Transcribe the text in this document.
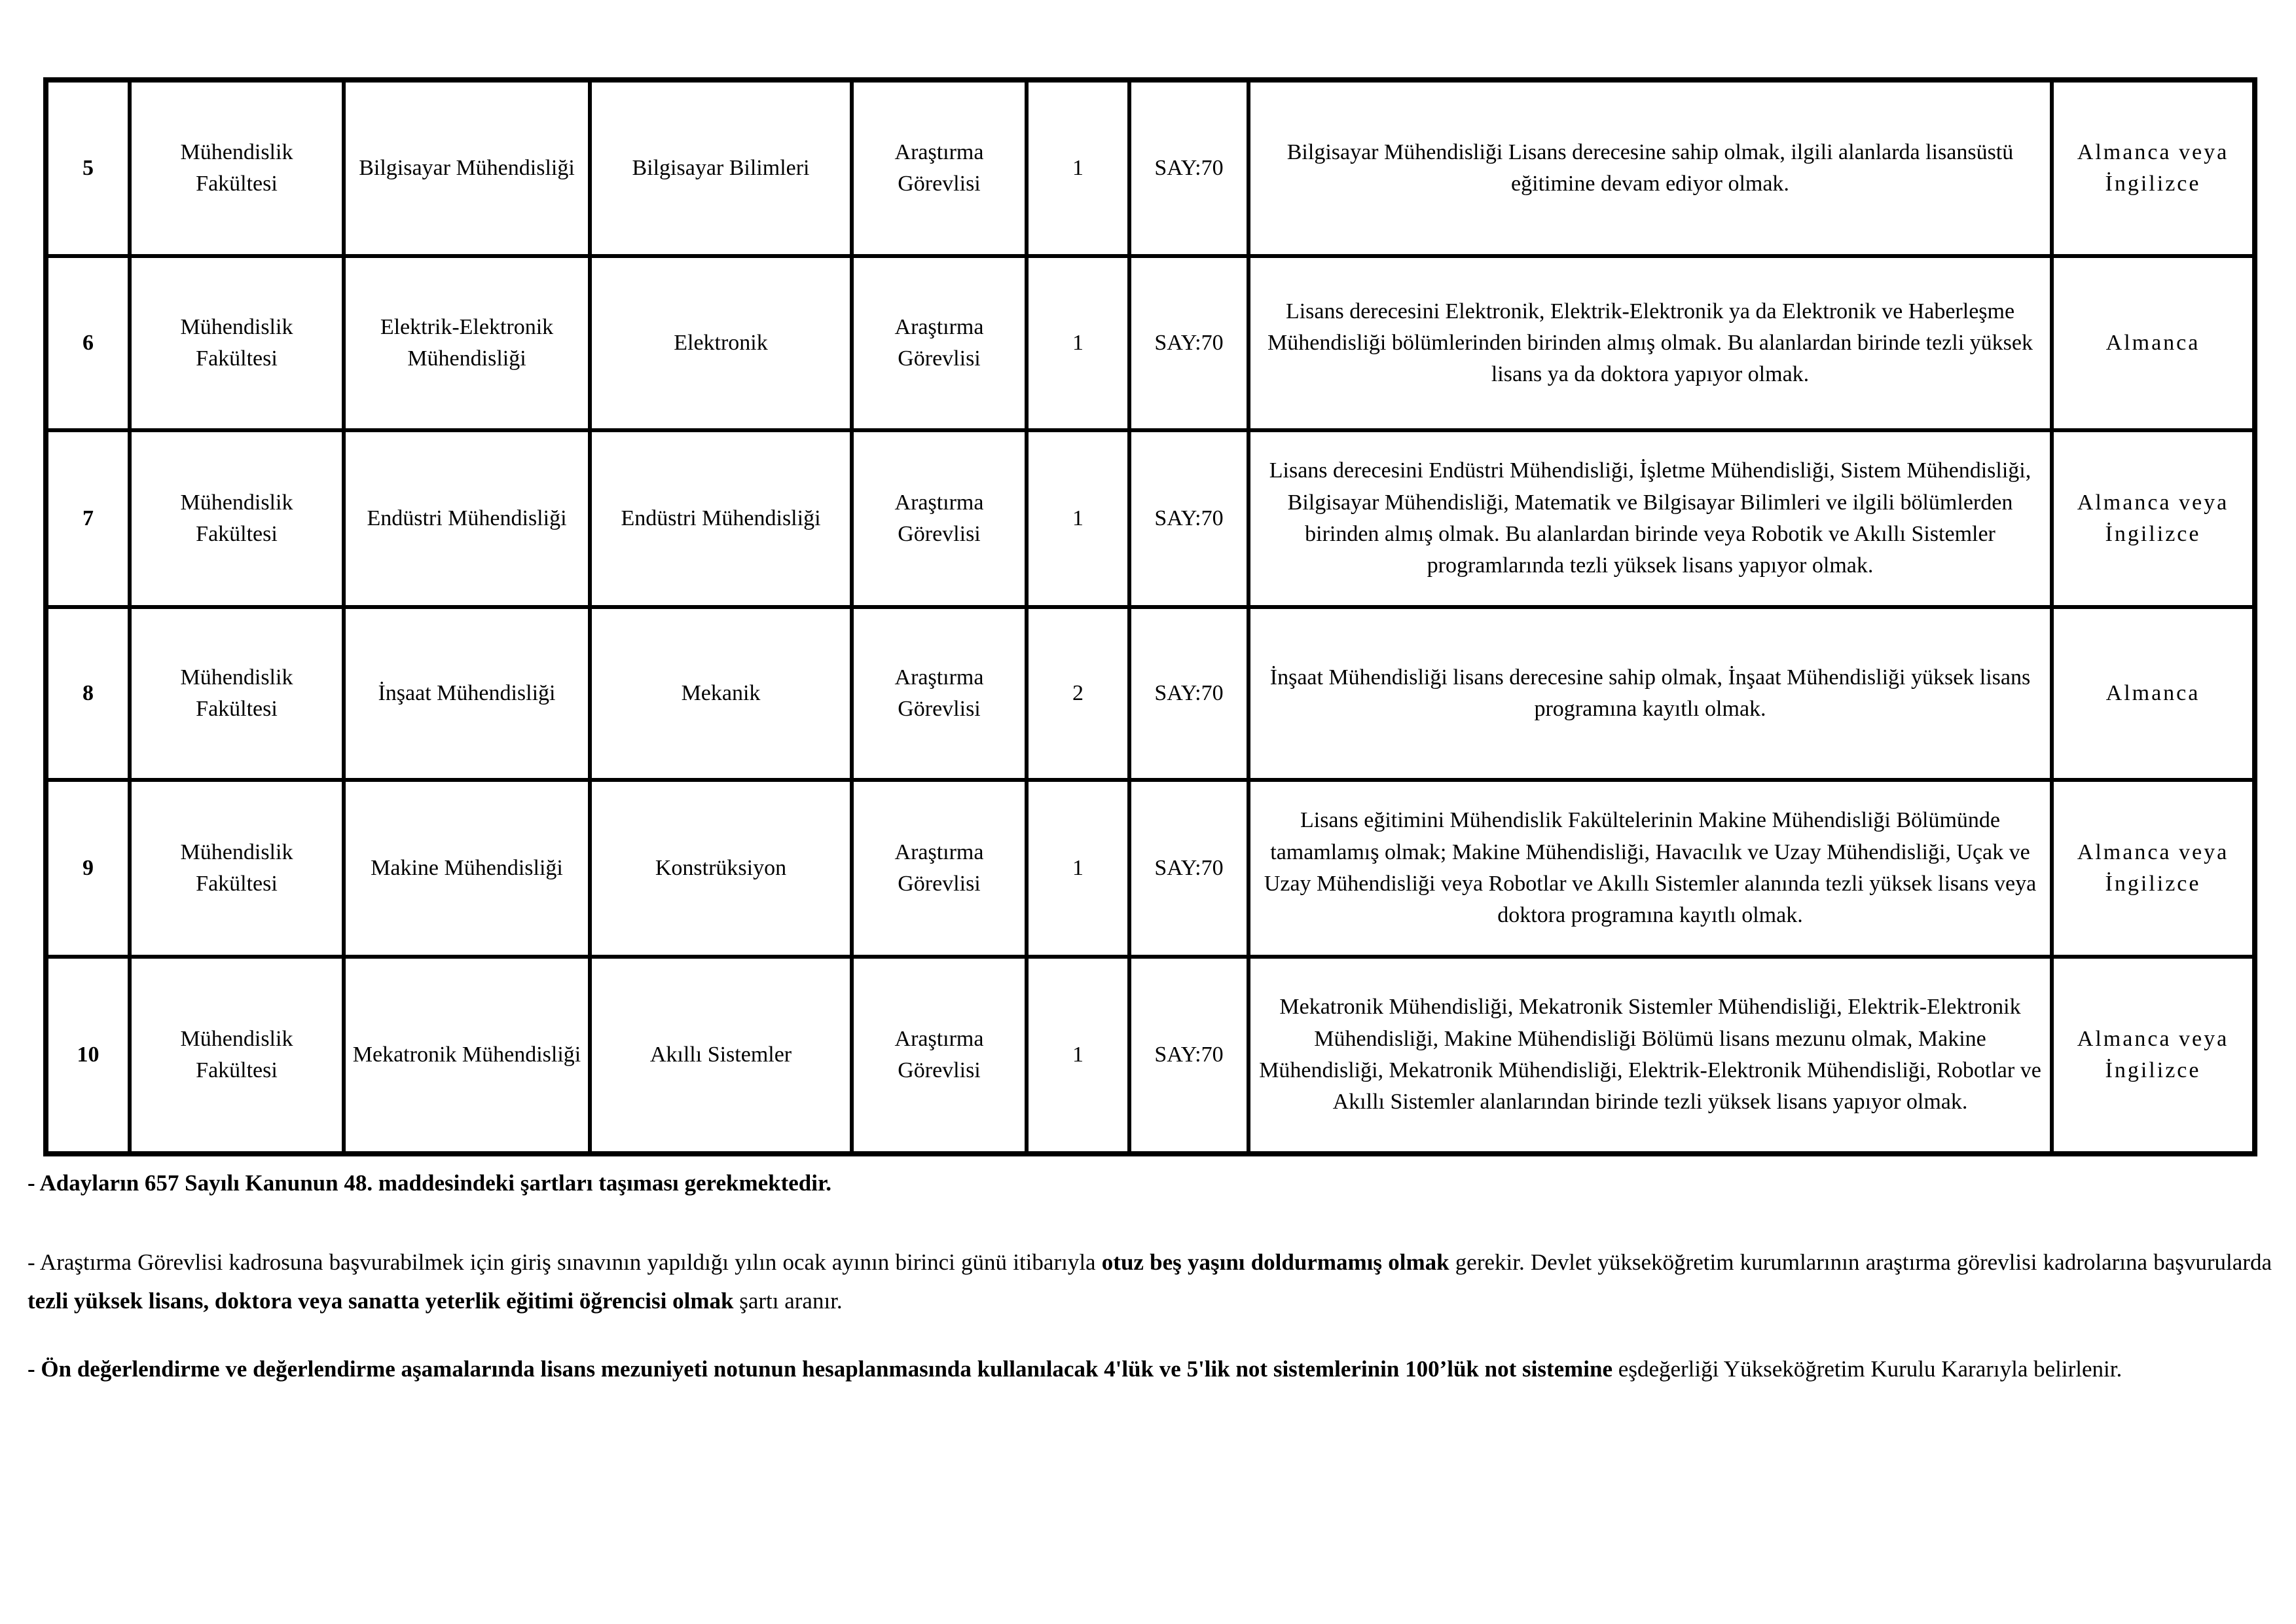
5	Mühendislik Fakültesi	Bilgisayar Mühendisliği	Bilgisayar Bilimleri	Araştırma Görevlisi	1	SAY:70	Bilgisayar Mühendisliği Lisans derecesine sahip olmak, ilgili alanlarda lisansüstü eğitimine devam ediyor olmak.	Almanca veya İngilizce
6	Mühendislik Fakültesi	Elektrik-Elektronik Mühendisliği	Elektronik	Araştırma Görevlisi	1	SAY:70	Lisans derecesini Elektronik, Elektrik-Elektronik ya da Elektronik ve Haberleşme Mühendisliği bölümlerinden birinden almış olmak. Bu alanlardan birinde tezli yüksek lisans ya da doktora yapıyor olmak.	Almanca
7	Mühendislik Fakültesi	Endüstri Mühendisliği	Endüstri Mühendisliği	Araştırma Görevlisi	1	SAY:70	Lisans derecesini Endüstri Mühendisliği, İşletme Mühendisliği, Sistem Mühendisliği, Bilgisayar Mühendisliği, Matematik ve Bilgisayar Bilimleri ve ilgili bölümlerden birinden almış olmak. Bu alanlardan birinde veya Robotik ve Akıllı Sistemler programlarında tezli yüksek lisans yapıyor olmak.	Almanca veya İngilizce
8	Mühendislik Fakültesi	İnşaat Mühendisliği	Mekanik	Araştırma Görevlisi	2	SAY:70	İnşaat Mühendisliği lisans derecesine sahip olmak, İnşaat Mühendisliği yüksek lisans programına kayıtlı olmak.	Almanca
9	Mühendislik Fakültesi	Makine Mühendisliği	Konstrüksiyon	Araştırma Görevlisi	1	SAY:70	Lisans eğitimini Mühendislik Fakültelerinin Makine Mühendisliği Bölümünde tamamlamış olmak; Makine Mühendisliği, Havacılık ve Uzay Mühendisliği, Uçak ve Uzay Mühendisliği veya Robotlar ve Akıllı Sistemler alanında tezli yüksek lisans veya doktora programına kayıtlı olmak.	Almanca veya İngilizce
10	Mühendislik Fakültesi	Mekatronik Mühendisliği	Akıllı Sistemler	Araştırma Görevlisi	1	SAY:70	Mekatronik Mühendisliği, Mekatronik Sistemler Mühendisliği, Elektrik-Elektronik Mühendisliği, Makine Mühendisliği Bölümü lisans mezunu olmak, Makine Mühendisliği, Mekatronik Mühendisliği, Elektrik-Elektronik Mühendisliği, Robotlar ve Akıllı Sistemler alanlarından birinde tezli yüksek lisans yapıyor olmak.	Almanca veya İngilizce

- Adayların 657 Sayılı Kanunun 48. maddesindeki şartları taşıması gerekmektedir.

- Araştırma Görevlisi kadrosuna başvurabilmek için giriş sınavının yapıldığı yılın ocak ayının birinci günü itibarıyla otuz beş yaşını doldurmamış olmak gerekir. Devlet yükseköğretim kurumlarının araştırma görevlisi kadrolarına başvurularda tezli yüksek lisans, doktora veya sanatta yeterlik eğitimi öğrencisi olmak şartı aranır.

- Ön değerlendirme ve değerlendirme aşamalarında lisans mezuniyeti notunun hesaplanmasında kullanılacak 4'lük ve 5'lik not sistemlerinin 100’lük not sistemine eşdeğerliği Yükseköğretim Kurulu Kararıyla belirlenir.
